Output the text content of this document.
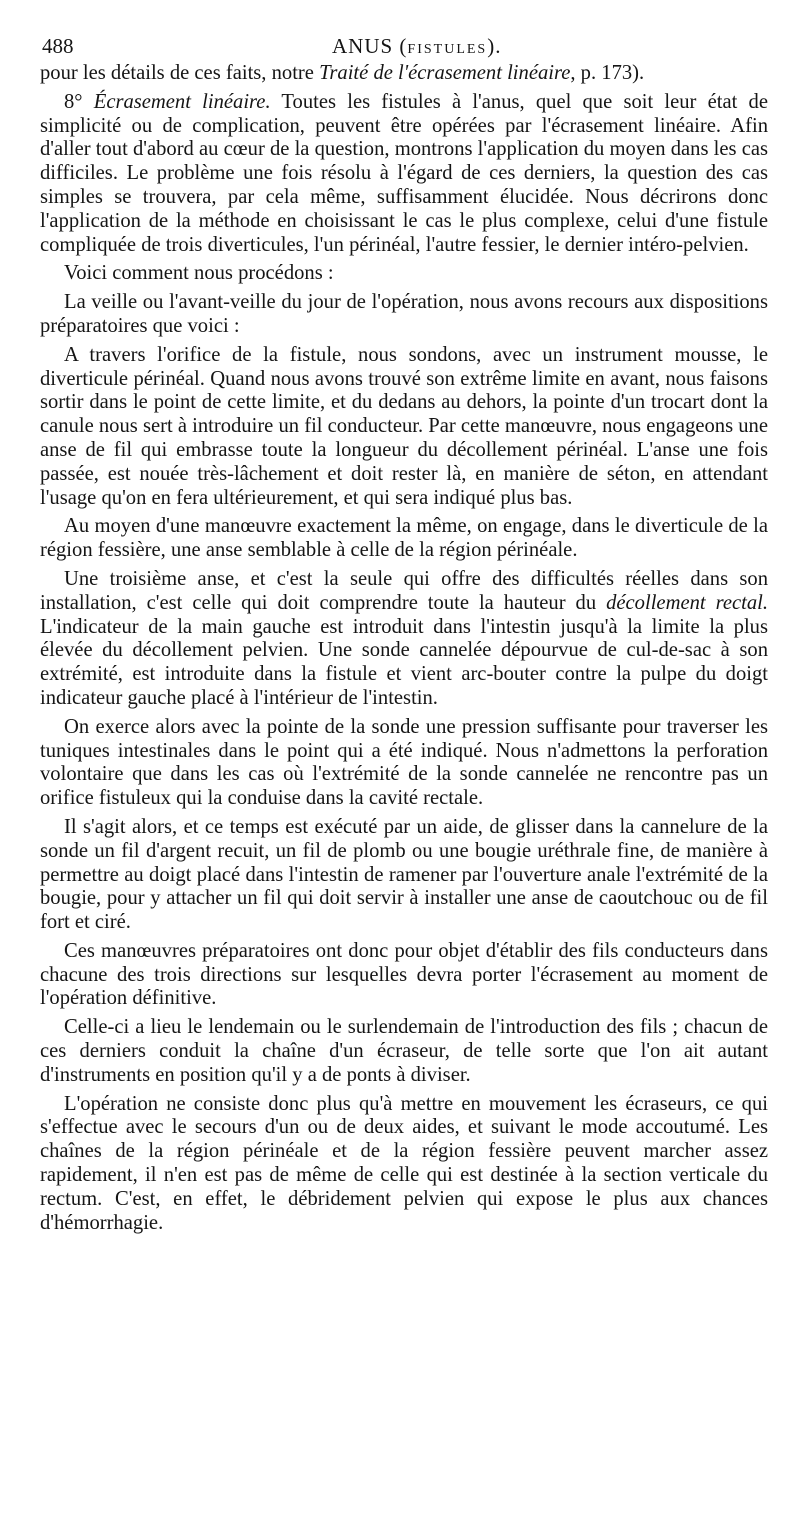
488	ANUS (FISTULES).

pour les détails de ces faits, notre Traité de l'écrasement linéaire, p. 173).

8° Écrasement linéaire. Toutes les fistules à l'anus, quel que soit leur état de simplicité ou de complication, peuvent être opérées par l'écrasement linéaire. Afin d'aller tout d'abord au cœur de la question, montrons l'application du moyen dans les cas difficiles. Le problème une fois résolu à l'égard de ces derniers, la question des cas simples se trouvera, par cela même, suffisamment élucidée. Nous décrirons donc l'application de la méthode en choisissant le cas le plus complexe, celui d'une fistule compliquée de trois diverticules, l'un périnéal, l'autre fessier, le dernier intéro-pelvien.

Voici comment nous procédons :

La veille ou l'avant-veille du jour de l'opération, nous avons recours aux dispositions préparatoires que voici :

A travers l'orifice de la fistule, nous sondons, avec un instrument mousse, le diverticule périnéal. Quand nous avons trouvé son extrême limite en avant, nous faisons sortir dans le point de cette limite, et du dedans au dehors, la pointe d'un trocart dont la canule nous sert à introduire un fil conducteur. Par cette manœuvre, nous engageons une anse de fil qui embrasse toute la longueur du décollement périnéal. L'anse une fois passée, est nouée très-lâchement et doit rester là, en manière de séton, en attendant l'usage qu'on en fera ultérieurement, et qui sera indiqué plus bas.

Au moyen d'une manœuvre exactement la même, on engage, dans le diverticule de la région fessière, une anse semblable à celle de la région périnéale.

Une troisième anse, et c'est la seule qui offre des difficultés réelles dans son installation, c'est celle qui doit comprendre toute la hauteur du décollement rectal. L'indicateur de la main gauche est introduit dans l'intestin jusqu'à la limite la plus élevée du décollement pelvien. Une sonde cannelée dépourvue de cul-de-sac à son extrémité, est introduite dans la fistule et vient arc-bouter contre la pulpe du doigt indicateur gauche placé à l'intérieur de l'intestin.

On exerce alors avec la pointe de la sonde une pression suffisante pour traverser les tuniques intestinales dans le point qui a été indiqué. Nous n'admettons la perforation volontaire que dans les cas où l'extrémité de la sonde cannelée ne rencontre pas un orifice fistuleux qui la conduise dans la cavité rectale.

Il s'agit alors, et ce temps est exécuté par un aide, de glisser dans la cannelure de la sonde un fil d'argent recuit, un fil de plomb ou une bougie uréthrale fine, de manière à permettre au doigt placé dans l'intestin de ramener par l'ouverture anale l'extrémité de la bougie, pour y attacher un fil qui doit servir à installer une anse de caoutchouc ou de fil fort et ciré.

Ces manœuvres préparatoires ont donc pour objet d'établir des fils conducteurs dans chacune des trois directions sur lesquelles devra porter l'écrasement au moment de l'opération définitive.

Celle-ci a lieu le lendemain ou le surlendemain de l'introduction des fils ; chacun de ces derniers conduit la chaîne d'un écraseur, de telle sorte que l'on ait autant d'instruments en position qu'il y a de ponts à diviser.

L'opération ne consiste donc plus qu'à mettre en mouvement les écraseurs, ce qui s'effectue avec le secours d'un ou de deux aides, et suivant le mode accoutumé. Les chaînes de la région périnéale et de la région fessière peuvent marcher assez rapidement, il n'en est pas de même de celle qui est destinée à la section verticale du rectum. C'est, en effet, le débridement pelvien qui expose le plus aux chances d'hémorrhagie.
